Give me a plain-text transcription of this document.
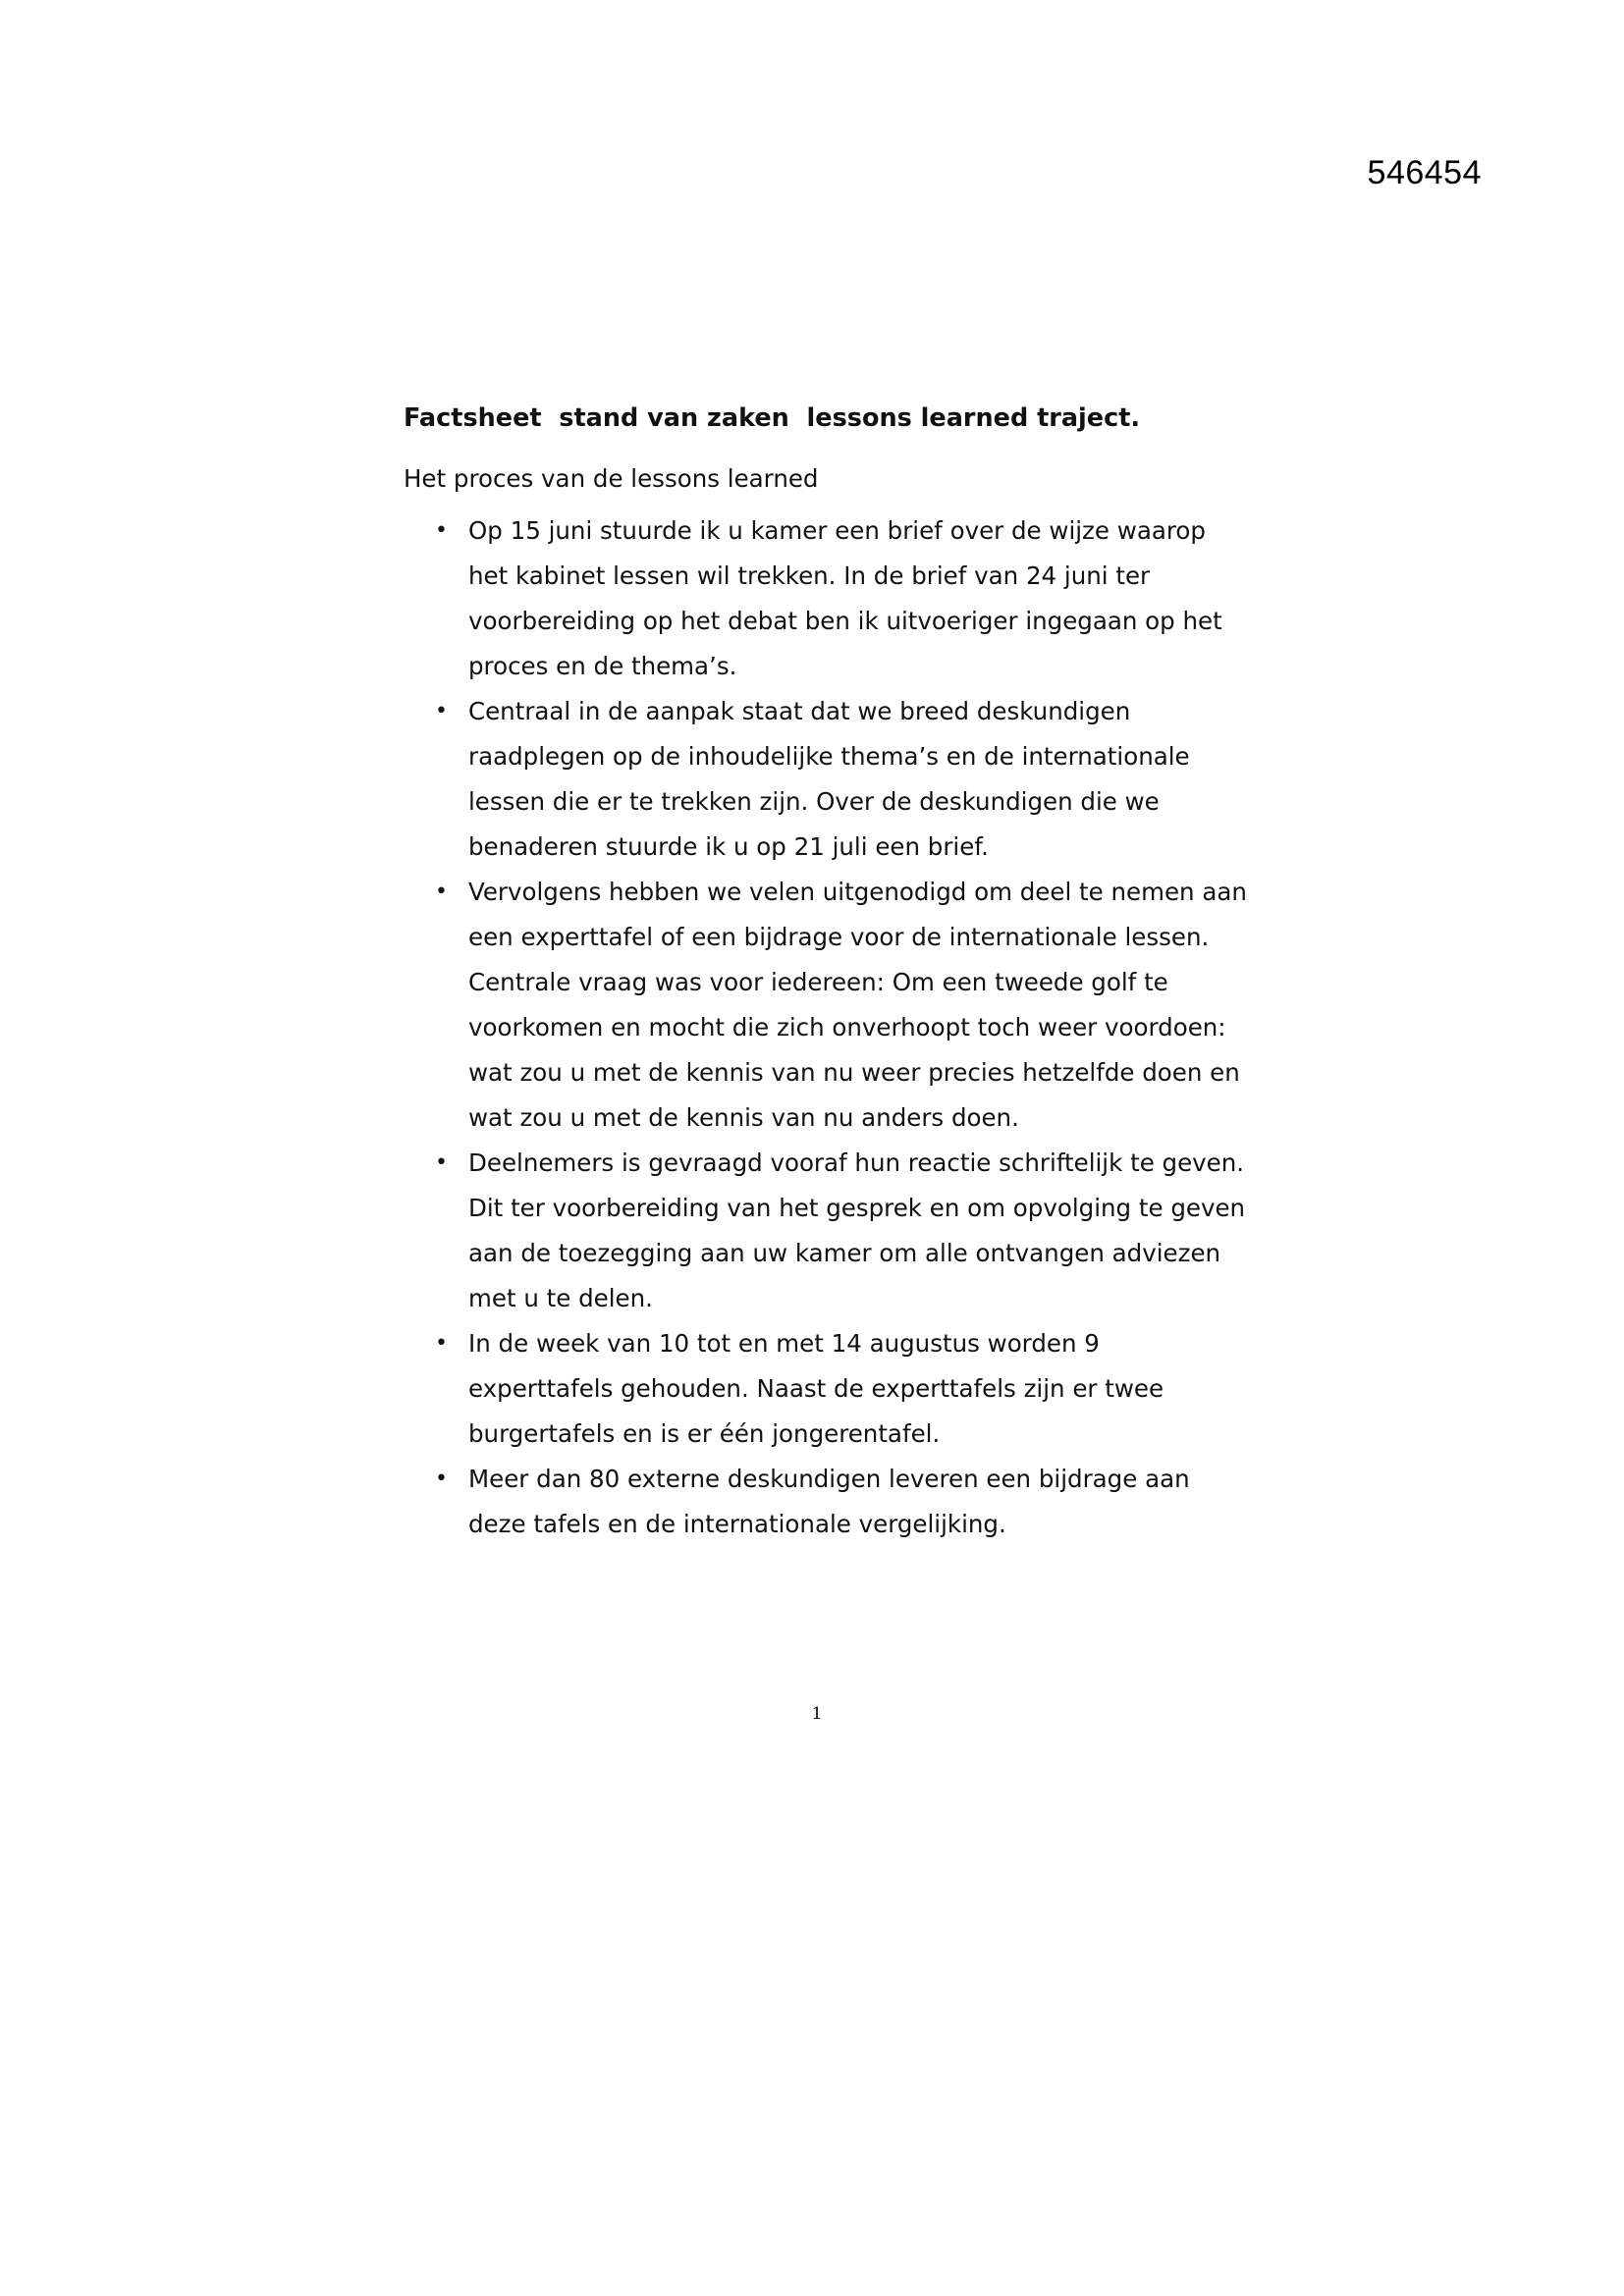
546454
Factsheet  stand van zaken  lessons learned traject.
Het proces van de lessons learned
• Op 15 juni stuurde ik u kamer een brief over de wijze waarop het kabinet lessen wil trekken. In de brief van 24 juni ter voorbereiding op het debat ben ik uitvoeriger ingegaan op het proces en de thema’s.
• Centraal in de aanpak staat dat we breed deskundigen raadplegen op de inhoudelijke thema’s en de internationale lessen die er te trekken zijn. Over de deskundigen die we benaderen stuurde ik u op 21 juli een brief.
• Vervolgens hebben we velen uitgenodigd om deel te nemen aan een experttafel of een bijdrage voor de internationale lessen. Centrale vraag was voor iedereen: Om een tweede golf te voorkomen en mocht die zich onverhoopt toch weer voordoen: wat zou u met de kennis van nu weer precies hetzelfde doen en wat zou u met de kennis van nu anders doen.
• Deelnemers is gevraagd vooraf hun reactie schriftelijk te geven. Dit ter voorbereiding van het gesprek en om opvolging te geven aan de toezegging aan uw kamer om alle ontvangen adviezen met u te delen.
• In de week van 10 tot en met 14 augustus worden 9 experttafels gehouden. Naast de experttafels zijn er twee burgertafels en is er één jongerentafel.
• Meer dan 80 externe deskundigen leveren een bijdrage aan deze tafels en de internationale vergelijking.
1
